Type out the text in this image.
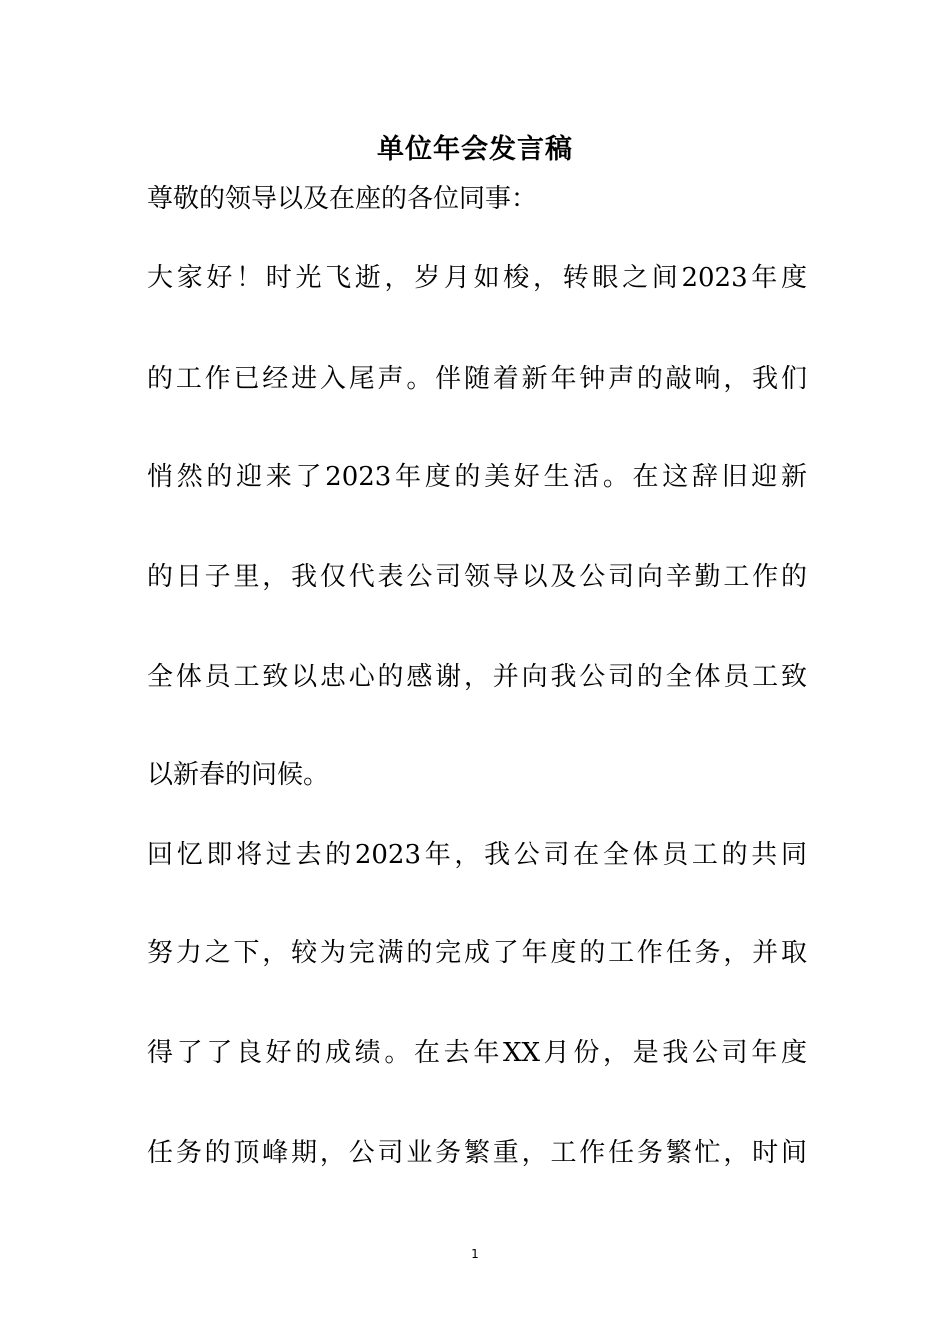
单位年会发言稿
尊敬的领导以及在座的各位同事：
大家好！时光飞逝，岁月如梭，转眼之间2023年度
的工作已经进入尾声。伴随着新年钟声的敲响，我们
悄然的迎来了2023年度的美好生活。在这辞旧迎新
的日子里，我仅代表公司领导以及公司向辛勤工作的
全体员工致以忠心的感谢，并向我公司的全体员工致
以新春的问候。
回忆即将过去的2023年，我公司在全体员工的共同
努力之下，较为完满的完成了年度的工作任务，并取
得了了良好的成绩。在去年XX月份，是我公司年度
任务的顶峰期，公司业务繁重，工作任务繁忙，时间
1
